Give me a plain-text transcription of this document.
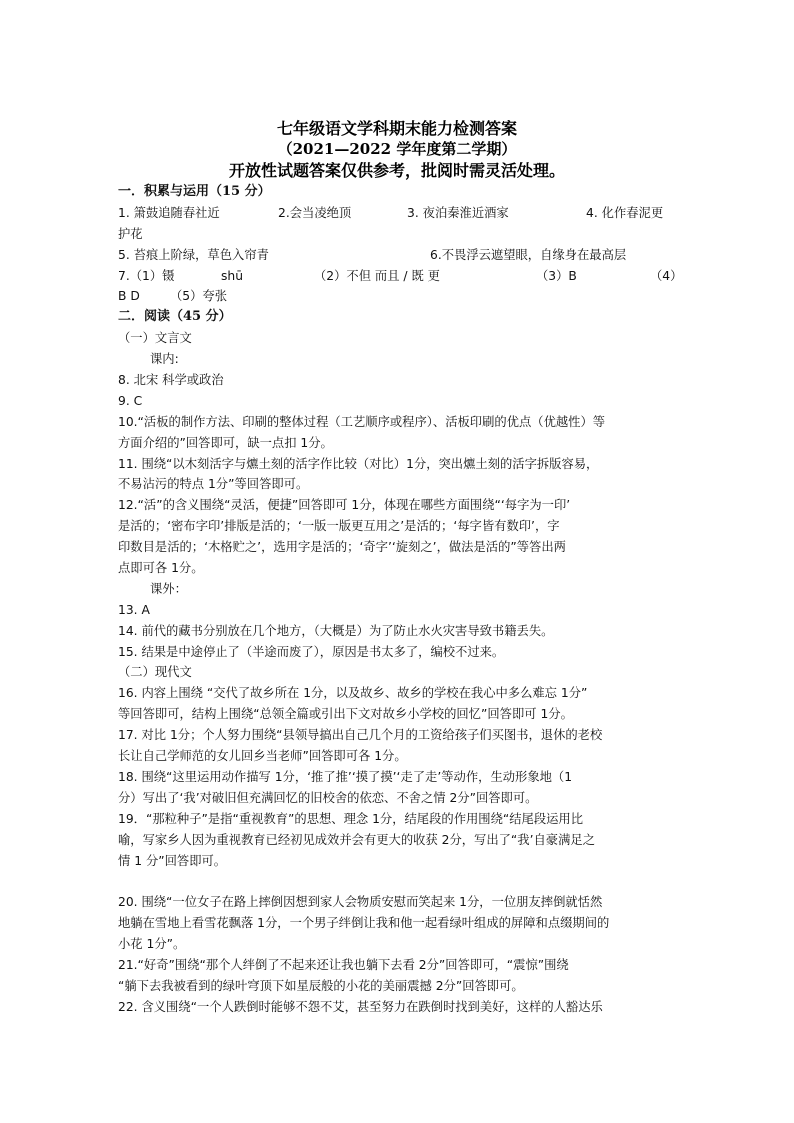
七年级语文学科期末能力检测答案
（2021—2022 学年度第二学期）
开放性试题答案仅供参考，批阅时需灵活处理。
一．积累与运用（15 分）
1. 箫鼓追随春社近	2.会当凌绝顶	3. 夜泊秦淮近酒家	4. 化作春泥更
护花
5. 苔痕上阶绿，草色入帘青	6.不畏浮云遮望眼，自缘身在最高层
7.（1）镊	shū	（2）不但 而且 / 既 更	（3）B	（4）
B D （5）夸张
二．阅读（45 分）
（一）文言文
课内:
8. 北宋 科学或政治
9. C
10.“活板的制作方法、印刷的整体过程（工艺顺序或程序）、活板印刷的优点（优越性）等
方面介绍的”回答即可，缺一点扣 1分。
11. 围绕“以木刻活字与爊土刻的活字作比较（对比）1分，突出爊土刻的活字拆版容易，
不易沾污的特点 1分”等回答即可。
12.“活”的含义围绕“灵活，便捷”回答即可 1分，体现在哪些方面围绕“‘每字为一印’
是活的；‘密布字印’排版是活的；‘一版一版更互用之’是活的；‘每字皆有数印’，字
印数目是活的；‘木格贮之’，选用字是活的；‘奇字’‘旋刻之’，做法是活的”等答出两
点即可各 1分。
课外：
13. A
14. 前代的藏书分别放在几个地方，（大概是）为了防止水火灾害导致书籍丢失。
15. 结果是中途停止了（半途而废了），原因是书太多了，编校不过来。
（二）现代文
16. 内容上围绕 “交代了故乡所在 1分，以及故乡、故乡的学校在我心中多么难忘 1分”
等回答即可，结构上围绕“总领全篇或引出下文对故乡小学校的回忆”回答即可 1分。
17. 对比 1分；个人努力围绕“县领导搞出自己几个月的工资给孩子们买图书，退休的老校
长让自己学师范的女儿回乡当老师”回答即可各 1分。
18. 围绕“这里运用动作描写 1分，‘推了推’‘摸了摸’‘走了走’等动作，生动形象地（1
分）写出了‘我’对破旧但充满回忆的旧校舍的依恋、不舍之情 2分”回答即可。
19．“那粒种子”是指“重视教育”的思想、理念 1分，结尾段的作用围绕“结尾段运用比
喻，写家乡人因为重视教育已经初见成效并会有更大的收获 2分，写出了“我’自豪满足之
情 1 分”回答即可。
20. 围绕“一位女子在路上摔倒因想到家人会物质安慰而笑起来 1分，一位朋友摔倒就恬然
地躺在雪地上看雪花飘落 1分，一个男子绊倒让我和他一起看绿叶组成的屏障和点缀期间的
小花 1分”。
21.“好奇”围绕“那个人绊倒了不起来还让我也躺下去看 2分”回答即可，“震惊”围绕
“躺下去我被看到的绿叶穹顶下如星辰般的小花的美丽震撼 2分”回答即可。
22. 含义围绕“一个人跌倒时能够不怨不艾，甚至努力在跌倒时找到美好，这样的人豁达乐
